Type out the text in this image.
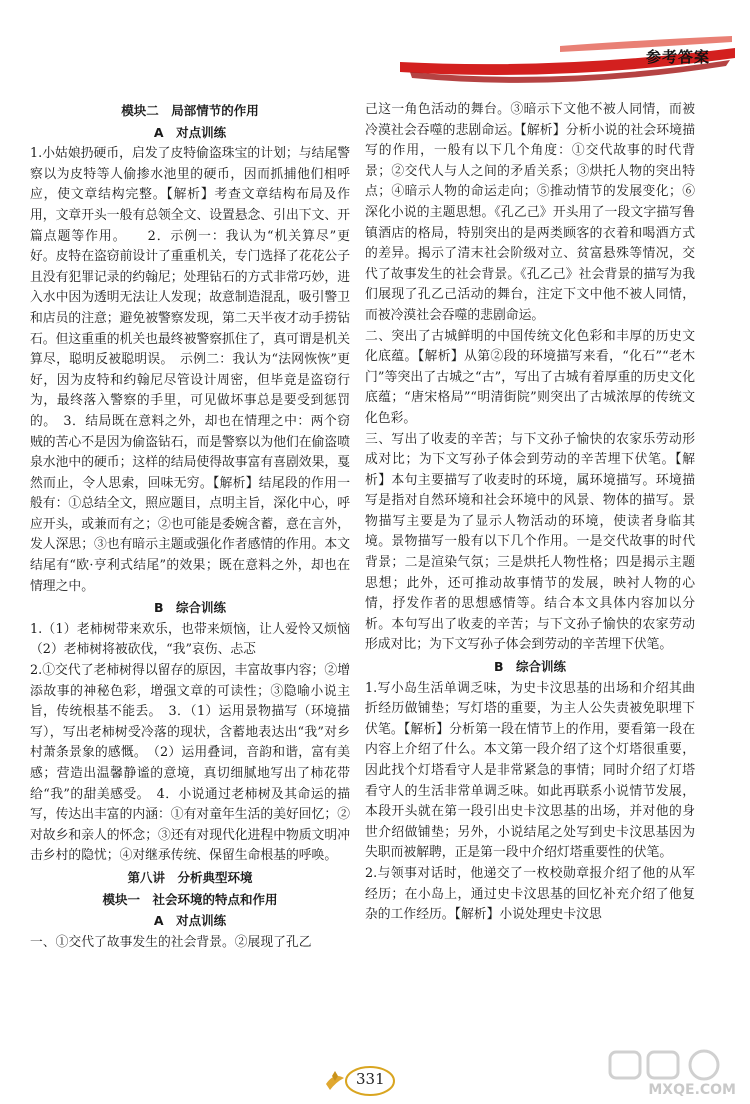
参考答案

模块二　局部情节的作用

A　对点训练

1.小姑娘扔硬币，启发了皮特偷盗珠宝的计划；与结尾警察以为皮特等人偷掺水池里的硬币，因而抓捕他们相呼应，使文章结构完整。【解析】考查文章结构布局及作用，文章开头一般有总领全文、设置悬念、引出下文、开篇点题等作用。　　2．示例一：我认为“机关算尽”更好。皮特在盗窃前设计了重重机关，专门选择了花花公子且没有犯罪记录的约翰尼；处理钻石的方式非常巧妙，进入水中因为透明无法让人发现；故意制造混乱，吸引警卫和店员的注意；避免被警察发现，第二天半夜才动手捞钻石。但这重重的机关也最终被警察抓住了，真可谓是机关算尽，聪明反被聪明误。　示例二：我认为“法网恢恢”更好，因为皮特和约翰尼尽管设计周密，但毕竟是盗窃行为，最终落入警察的手里，可见做坏事总是要受到惩罚的。　3．结局既在意料之外，却也在情理之中：两个窃贼的苦心不是因为偷盗钻石，而是警察以为他们在偷盗喷泉水池中的硬币；这样的结局使得故事富有喜剧效果，戛然而止，令人思索，回味无穷。【解析】结尾段的作用一般有：①总结全文，照应题目，点明主旨，深化中心，呼应开头，或兼而有之；②也可能是委婉含蓄，意在言外，发人深思；③也有暗示主题或强化作者感情的作用。本文结尾有“欧·亨利式结尾”的效果；既在意料之外，却也在情理之中。

B　综合训练

1.（1）老柿树带来欢乐，也带来烦恼，让人爱怜又烦恼　（2）老柿树将被砍伐，“我”哀伤、忐忑

2.①交代了老柿树得以留存的原因，丰富故事内容；②增添故事的神秘色彩，增强文章的可读性；③隐喻小说主旨，传统根基不能丢。　3．（1）运用景物描写（环境描写），写出老柿树受冷落的现状，含蓄地表达出“我”对乡村萧条景象的感慨。　（2）运用叠词，音韵和谐，富有美感；营造出温馨静谧的意境，真切细腻地写出了柿花带给“我”的甜美感受。　4．小说通过老柿树及其命运的描写，传达出丰富的内涵：①有对童年生活的美好回忆；②对故乡和亲人的怀念；③还有对现代化进程中物质文明冲击乡村的隐忧；④对继承传统、保留生命根基的呼唤。

第八讲　分析典型环境

模块一　社会环境的特点和作用

A　对点训练

一、①交代了故事发生的社会背景。②展现了孔乙

己这一角色活动的舞台。③暗示下文他不被人同情，而被冷漠社会吞噬的悲剧命运。【解析】分析小说的社会环境描写的作用，一般有以下几个角度：①交代故事的时代背景；②交代人与人之间的矛盾关系；③烘托人物的突出特点；④暗示人物的命运走向；⑤推动情节的发展变化；⑥深化小说的主题思想。《孔乙己》开头用了一段文字描写鲁镇酒店的格局，特别突出的是两类顾客的衣着和喝酒方式的差异。揭示了清末社会阶级对立、贫富悬殊等情况，交代了故事发生的社会背景。《孔乙己》社会背景的描写为我们展现了孔乙己活动的舞台，注定下文中他不被人同情，而被冷漠社会吞噬的悲剧命运。

二、突出了古城鲜明的中国传统文化色彩和丰厚的历史文化底蕴。【解析】从第②段的环境描写来看，“化石”“老木门”等突出了古城之“古”，写出了古城有着厚重的历史文化底蕴；“唐宋格局”“明清街院”则突出了古城浓厚的传统文化色彩。

三、写出了收麦的辛苦；与下文孙子愉快的农家乐劳动形成对比；为下文写孙子体会到劳动的辛苦埋下伏笔。【解析】本句主要描写了收麦时的环境，属环境描写。环境描写是指对自然环境和社会环境中的风景、物体的描写。景物描写主要是为了显示人物活动的环境，使读者身临其境。景物描写一般有以下几个作用。一是交代故事的时代背景；二是渲染气氛；三是烘托人物性格；四是揭示主题思想；此外，还可推动故事情节的发展，映衬人物的心情，抒发作者的思想感情等。结合本文具体内容加以分析。本句写出了收麦的辛苦；与下文孙子愉快的农家劳动形成对比；为下文写孙子体会到劳动的辛苦埋下伏笔。

B　综合训练

1.写小岛生活单调乏味，为史卡汶思基的出场和介绍其曲折经历做铺垫；写灯塔的重要，为主人公失责被免职埋下伏笔。【解析】分析第一段在情节上的作用，要看第一段在内容上介绍了什么。本文第一段介绍了这个灯塔很重要，因此找个灯塔看守人是非常紧急的事情；同时介绍了灯塔看守人的生活非常单调乏味。如此再联系小说情节发展，本段开头就在第一段引出史卡汶思基的出场，并对他的身世介绍做铺垫；另外，小说结尾之处写到史卡汶思基因为失职而被解聘，正是第一段中介绍灯塔重要性的伏笔。

2.与领事对话时，他递交了一枚校勋章报介绍了他的从军经历；在小岛上，通过史卡汶思基的回忆补充介绍了他复杂的工作经历。【解析】小说处理史卡汶思

331
MXQE.COM
